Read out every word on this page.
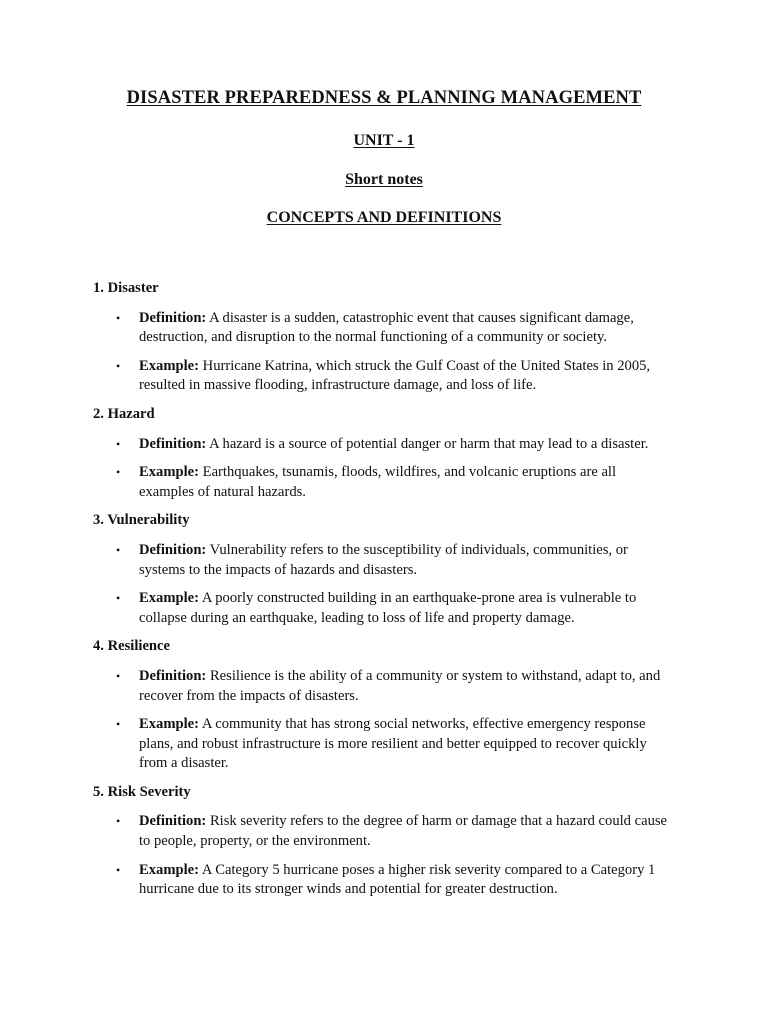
DISASTER PREPAREDNESS & PLANNING MANAGEMENT
UNIT - 1
Short notes
CONCEPTS AND DEFINITIONS

1. Disaster

• Definition: A disaster is a sudden, catastrophic event that causes significant damage, destruction, and disruption to the normal functioning of a community or society.
• Example: Hurricane Katrina, which struck the Gulf Coast of the United States in 2005, resulted in massive flooding, infrastructure damage, and loss of life.

2. Hazard

• Definition: A hazard is a source of potential danger or harm that may lead to a disaster.
• Example: Earthquakes, tsunamis, floods, wildfires, and volcanic eruptions are all examples of natural hazards.

3. Vulnerability

• Definition: Vulnerability refers to the susceptibility of individuals, communities, or systems to the impacts of hazards and disasters.
• Example: A poorly constructed building in an earthquake-prone area is vulnerable to collapse during an earthquake, leading to loss of life and property damage.

4. Resilience

• Definition: Resilience is the ability of a community or system to withstand, adapt to, and recover from the impacts of disasters.
• Example: A community that has strong social networks, effective emergency response plans, and robust infrastructure is more resilient and better equipped to recover quickly from a disaster.

5. Risk Severity

• Definition: Risk severity refers to the degree of harm or damage that a hazard could cause to people, property, or the environment.
• Example: A Category 5 hurricane poses a higher risk severity compared to a Category 1 hurricane due to its stronger winds and potential for greater destruction.
